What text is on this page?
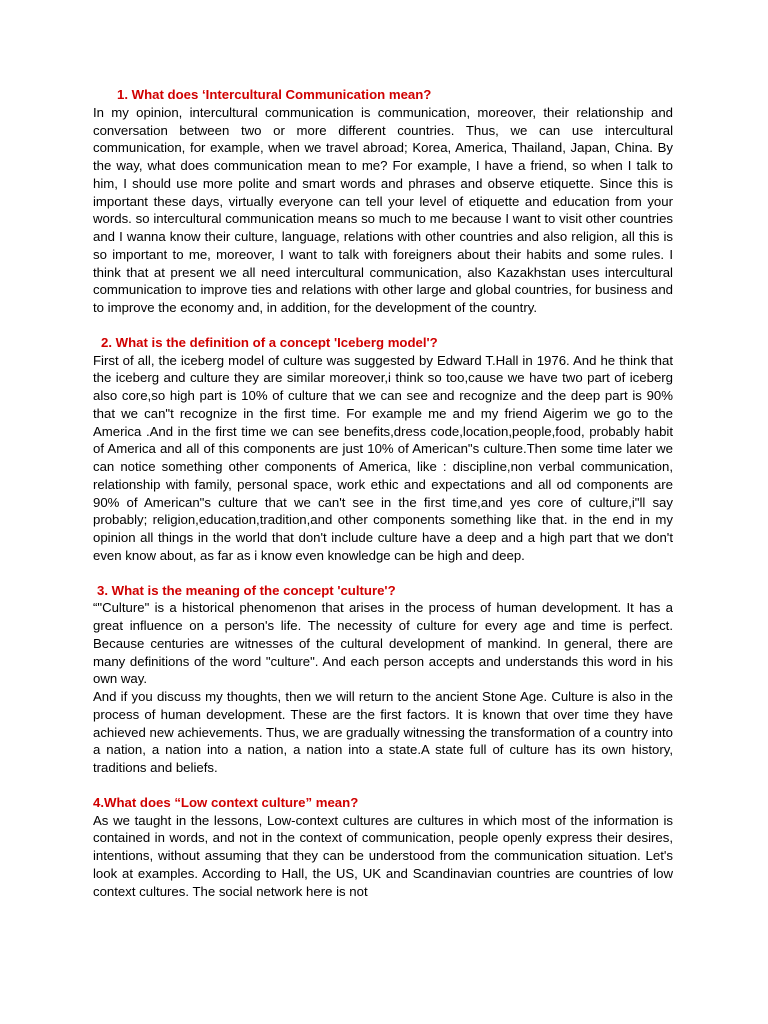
1. What does ‘Intercultural Communication mean?

In my opinion, intercultural communication is communication, moreover, their relationship and conversation between two or more different countries. Thus, we can use intercultural communication, for example, when we travel abroad; Korea, America, Thailand, Japan, China. By the way, what does communication mean to me? For example, I have a friend, so when I talk to him, I should use more polite and smart words and phrases and observe etiquette. Since this is important these days, virtually everyone can tell your level of etiquette and education from your words. so intercultural communication means so much to me because I want to visit other countries and I wanna know their culture, language, relations with other countries and also religion, all this is so important to me, moreover, I want to talk with foreigners about their habits and some rules. I think that at present we all need intercultural communication, also Kazakhstan uses intercultural communication to improve ties and relations with other large and global countries, for business and to improve the economy and, in addition, for the development of the country.

2. What is the definition of a concept 'Iceberg model'?

First of all, the iceberg model of culture was suggested by Edward T.Hall in 1976. And he think that the iceberg and culture they are similar moreover,i think so too,cause we have two part of iceberg also core,so high part is 10% of culture that we can see and recognize and the deep part is 90% that we can"t recognize in the first time. For example me and my friend Aigerim we go to the America .And in the first time we can see benefits,dress code,location,people,food, probably habit of America and all of this components are just 10% of American"s culture.Then some time later we can notice something other components of America, like : discipline,non verbal communication, relationship with family, personal space, work ethic and expectations and all od components are 90% of American"s culture that we can't see in the first time,and yes core of culture,i"ll say probably; religion,education,tradition,and other components something like that. in the end in my opinion all things in the world that don't include culture have a deep and a high part that we don't even know about, as far as i know even knowledge can be high and deep.

3. What is the meaning of the concept 'culture'?

“"Culture" is a historical phenomenon that arises in the process of human development. It has a great influence on a person's life. The necessity of culture for every age and time is perfect. Because centuries are witnesses of the cultural development of mankind. In general, there are many definitions of the word "culture". And each person accepts and understands this word in his own way.

And if you discuss my thoughts, then we will return to the ancient Stone Age. Culture is also in the process of human development. These are the first factors. It is known that over time they have achieved new achievements. Thus, we are gradually witnessing the transformation of a country into a nation, a nation into a nation, a nation into a state.A state full of culture has its own history, traditions and beliefs.

4.What does “Low context culture” mean?

As we taught in the lessons, Low-context cultures are cultures in which most of the information is contained in words, and not in the context of communication, people openly express their desires, intentions, without assuming that they can be understood from the communication situation. Let's look at examples. According to Hall, the US, UK and Scandinavian countries are countries of low context cultures. The social network here is not
